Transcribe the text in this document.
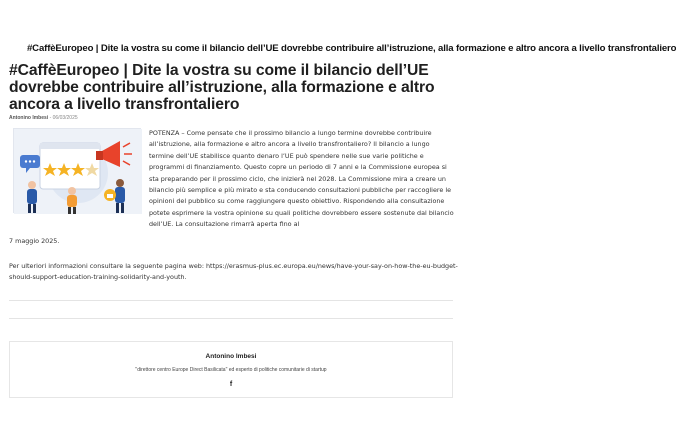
#CaffèEuropeo | Dite la vostra su come il bilancio dell’UE dovrebbe contribuire all’istruzione, alla formazione e altro ancora a livello transfrontaliero
#CaffèEuropeo | Dite la vostra su come il bilancio dell’UE dovrebbe contribuire all’istruzione, alla formazione e altro ancora a livello transfrontaliero
Antonino Imbesi - 06/03/2025

POTENZA – Come pensate che il prossimo bilancio a lungo termine dovrebbe contribuire all’istruzione, alla formazione e altro ancora a livello transfrontaliero? Il bilancio a lungo termine dell’UE stabilisce quanto denaro l’UE può spendere nelle sue varie politiche e programmi di finanziamento. Questo copre un periodo di 7 anni e la Commissione europea si sta preparando per il prossimo ciclo, che inizierà nel 2028. La Commissione mira a creare un bilancio più semplice e più mirato e sta conducendo consultazioni pubbliche per raccogliere le opinioni del pubblico su come raggiungere questo obiettivo. Rispondendo alla consultazione potete esprimere la vostra opinione su quali politiche dovrebbero essere sostenute dal bilancio dell’UE. La consultazione rimarrà aperta fino al

7 maggio 2025.

Per ulteriori informazioni consultare la seguente pagina web: https://erasmus-plus.ec.europa.eu/news/have-your-say-on-how-the-eu-budget-should-support-education-training-solidarity-and-youth.

Antonino Imbesi
"direttore centro Europe Direct Basilicata" ed esperto di politiche comunitarie di startup
f
